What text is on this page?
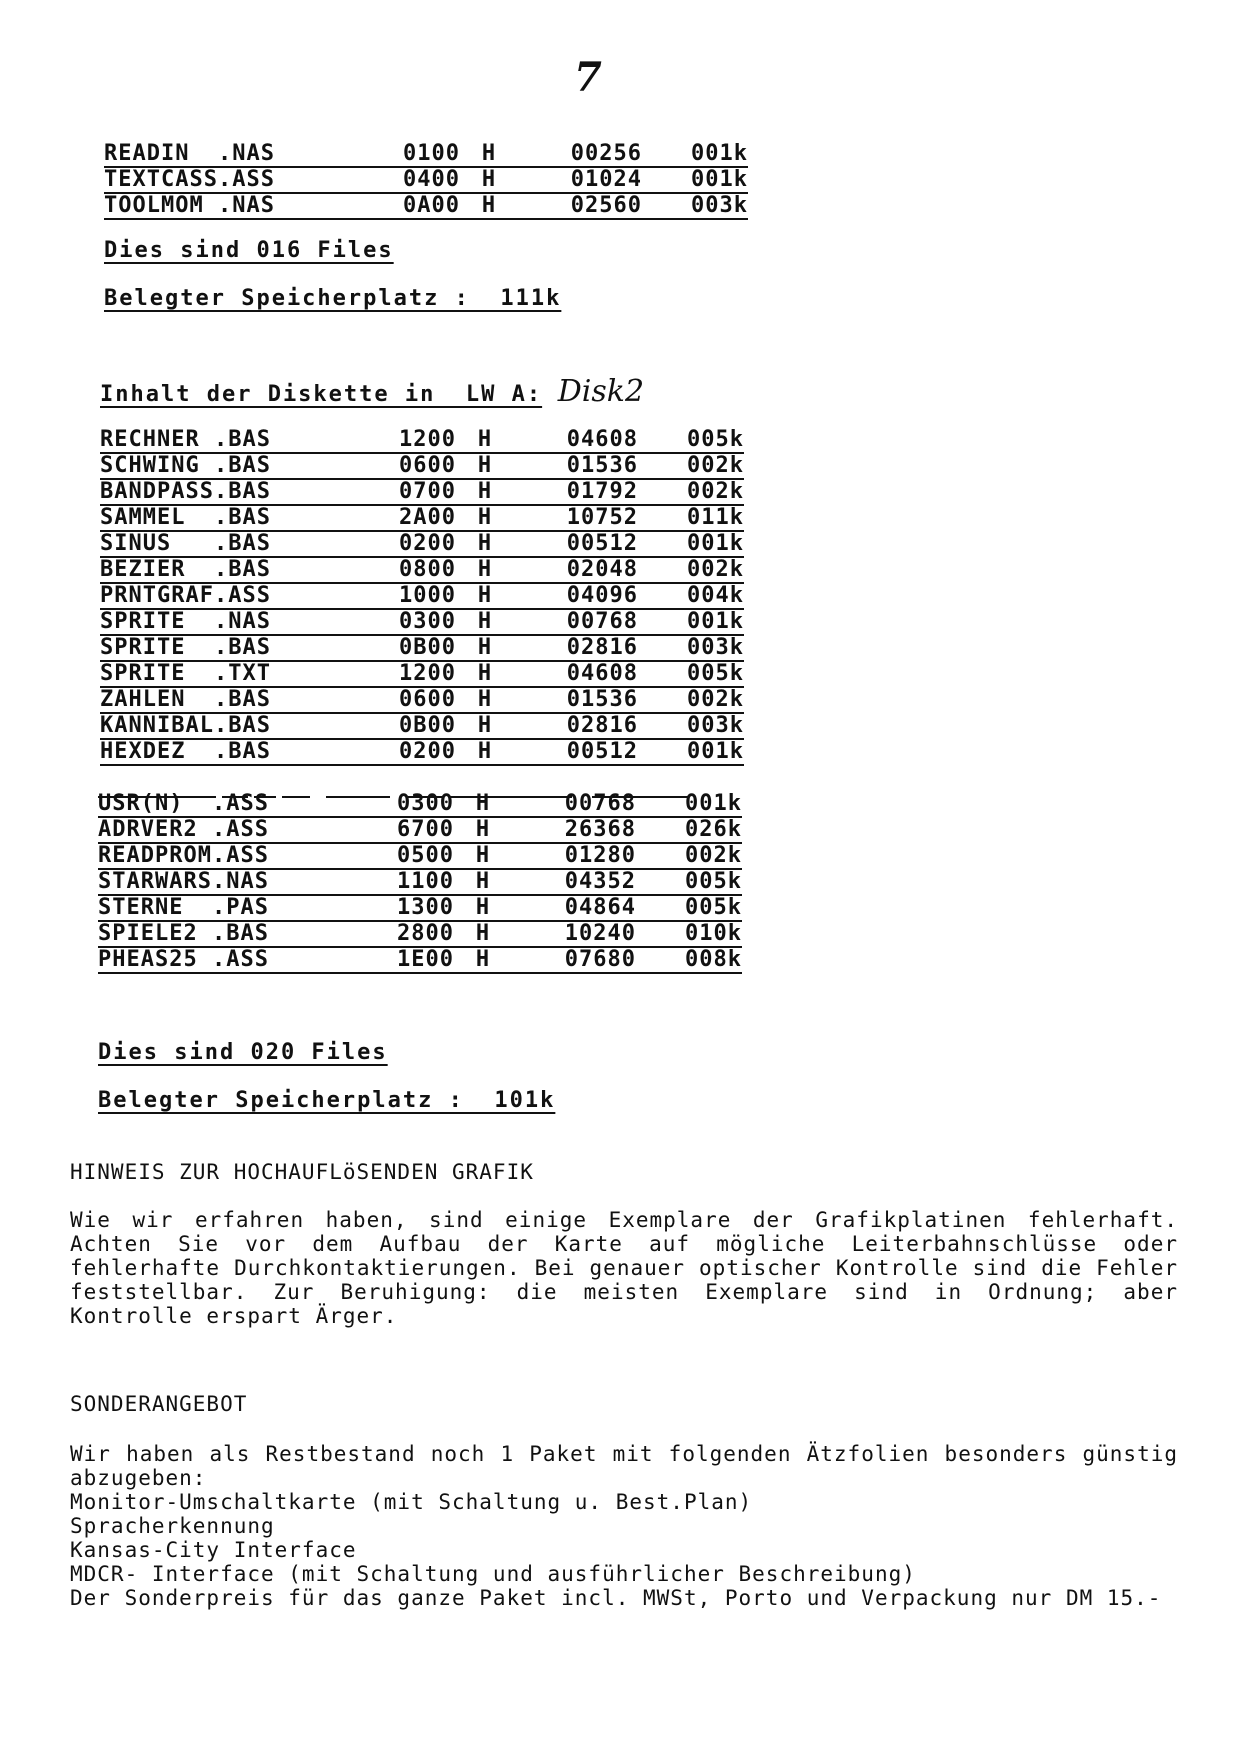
7
READIN  .NAS	0100	H	00256	001k
TEXTCASS.ASS	0400	H	01024	001k
TOOLMOM .NAS	0A00	H	02560	003k
Dies sind 016 Files
Belegter Speicherplatz :  111k
Inhalt der Diskette in  LW A: Disk2
RECHNER .BAS	1200	H	04608	005k
SCHWING .BAS	0600	H	01536	002k
BANDPASS.BAS	0700	H	01792	002k
SAMMEL  .BAS	2A00	H	10752	011k
SINUS   .BAS	0200	H	00512	001k
BEZIER  .BAS	0800	H	02048	002k
PRNTGRAF.ASS	1000	H	04096	004k
SPRITE  .NAS	0300	H	00768	001k
SPRITE  .BAS	0B00	H	02816	003k
SPRITE  .TXT	1200	H	04608	005k
ZAHLEN  .BAS	0600	H	01536	002k
KANNIBAL.BAS	0B00	H	02816	003k
HEXDEZ  .BAS	0200	H	00512	001k
USR(N)  .ASS	0300	H	00768	001k
ADRVER2 .ASS	6700	H	26368	026k
READPROM.ASS	0500	H	01280	002k
STARWARS.NAS	1100	H	04352	005k
STERNE  .PAS	1300	H	04864	005k
SPIELE2 .BAS	2800	H	10240	010k
PHEAS25 .ASS	1E00	H	07680	008k
Dies sind 020 Files
Belegter Speicherplatz :  101k
HINWEIS ZUR HOCHAUFLöSENDEN GRAFIK

Wie wir erfahren haben, sind einige Exemplare der Grafikplatinen fehlerhaft. Achten Sie vor dem Aufbau der Karte auf mögliche Leiterbahnschlüsse oder fehlerhafte Durchkontaktierungen. Bei genauer optischer Kontrolle sind die Fehler feststellbar. Zur Beruhigung: die meisten Exemplare sind in Ordnung; aber Kontrolle erspart Ärger.

SONDERANGEBOT

Wir haben als Restbestand noch 1 Paket mit folgenden Ätzfolien besonders günstig abzugeben:

Monitor-Umschaltkarte (mit Schaltung u. Best.Plan)
Spracherkennung
Kansas-City Interface
MDCR- Interface (mit Schaltung und ausführlicher Beschreibung)

Der Sonderpreis für das ganze Paket incl. MWSt, Porto und Verpackung nur DM 15.-
